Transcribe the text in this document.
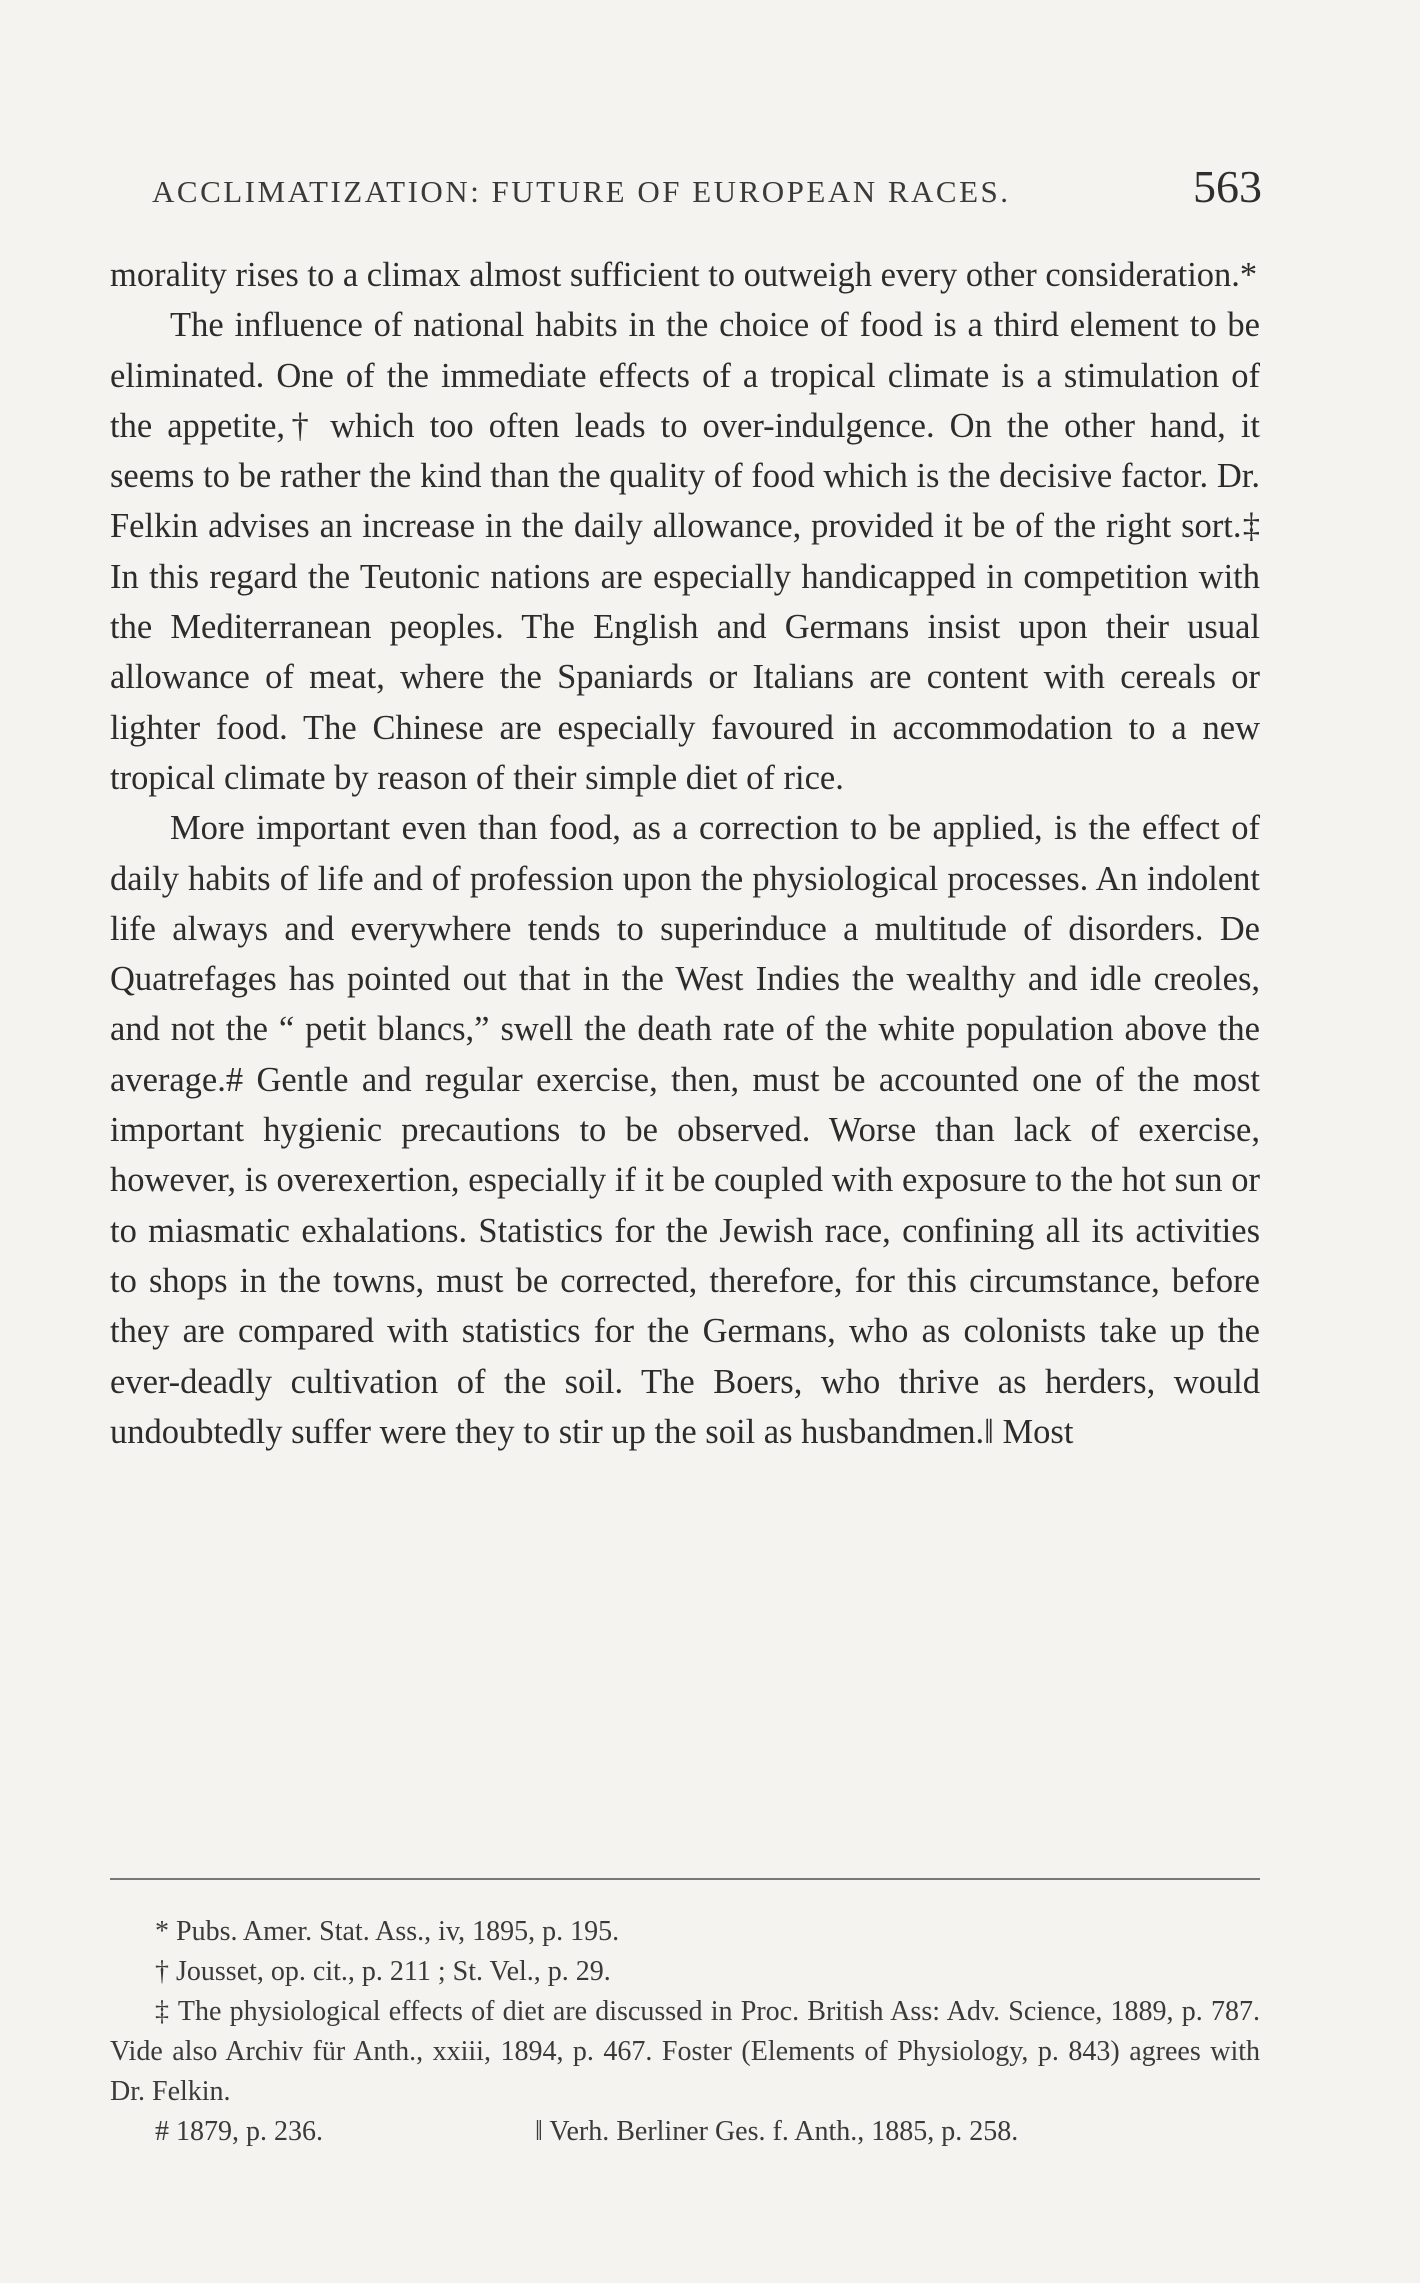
ACCLIMATIZATION: FUTURE OF EUROPEAN RACES.	563

morality rises to a climax almost sufficient to outweigh every other consideration.*

The influence of national habits in the choice of food is a third element to be eliminated. One of the immediate effects of a tropical climate is a stimulation of the appetite,† which too often leads to over-indulgence. On the other hand, it seems to be rather the kind than the quality of food which is the decisive factor. Dr. Felkin advises an increase in the daily allowance, provided it be of the right sort.‡ In this regard the Teutonic nations are especially handicapped in competition with the Mediterranean peoples. The English and Germans insist upon their usual allowance of meat, where the Spaniards or Italians are content with cereals or lighter food. The Chinese are especially favoured in accommodation to a new tropical climate by reason of their simple diet of rice.

More important even than food, as a correction to be applied, is the effect of daily habits of life and of profession upon the physiological processes. An indolent life always and everywhere tends to superinduce a multitude of disorders. De Quatrefages has pointed out that in the West Indies the wealthy and idle creoles, and not the “ petit blancs,” swell the death rate of the white population above the average.# Gentle and regular exercise, then, must be accounted one of the most important hygienic precautions to be observed. Worse than lack of exercise, however, is overexertion, especially if it be coupled with exposure to the hot sun or to miasmatic exhalations. Statistics for the Jewish race, confining all its activities to shops in the towns, must be corrected, therefore, for this circumstance, before they are compared with statistics for the Germans, who as colonists take up the ever-deadly cultivation of the soil. The Boers, who thrive as herders, would undoubtedly suffer were they to stir up the soil as husbandmen.‖ Most

* Pubs. Amer. Stat. Ass., iv, 1895, p. 195.

† Jousset, op. cit., p. 211 ; St. Vel., p. 29.

‡ The physiological effects of diet are discussed in Proc. British Ass: Adv. Science, 1889, p. 787. Vide also Archiv für Anth., xxiii, 1894, p. 467. Foster (Elements of Physiology, p. 843) agrees with Dr. Felkin.

# 1879, p. 236.	‖ Verh. Berliner Ges. f. Anth., 1885, p. 258.
